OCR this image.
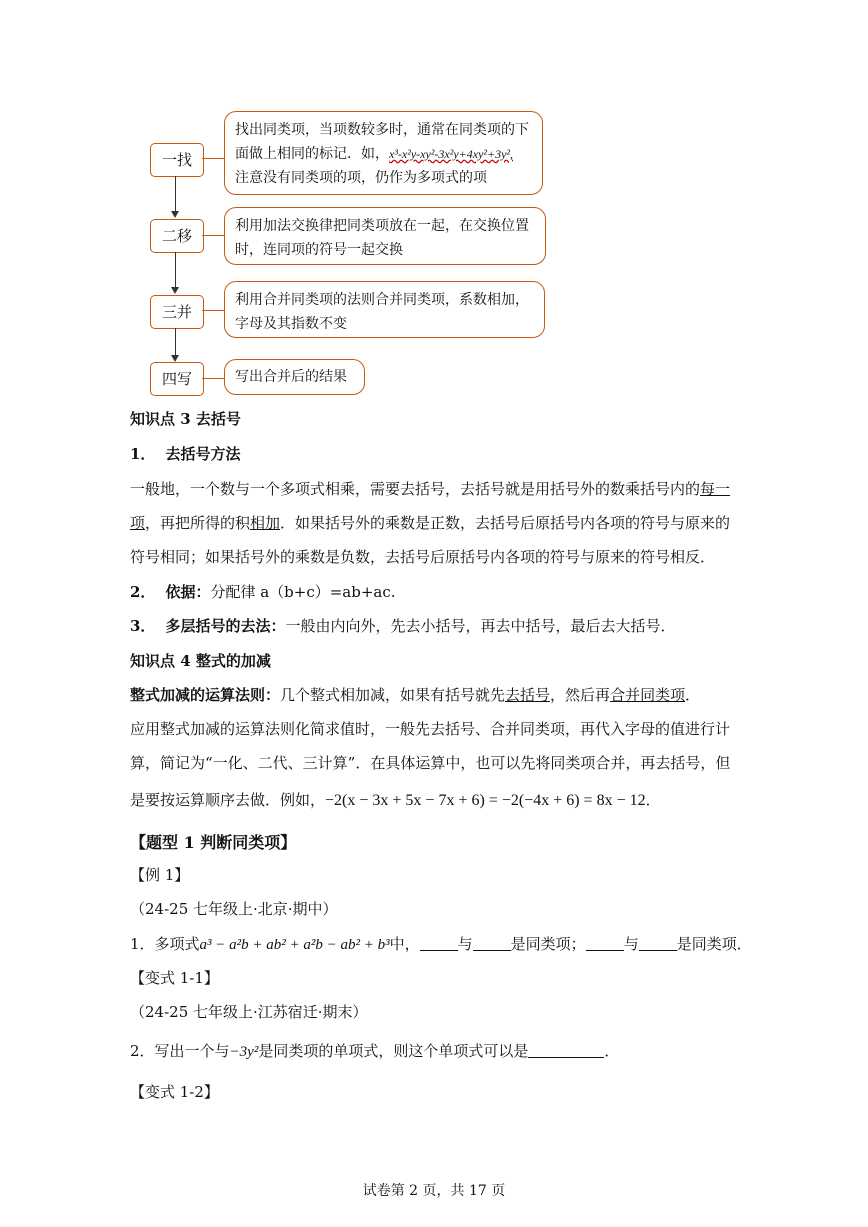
一找
找出同类项，当项数较多时，通常在同类项的下
面做上相同的标记．如，x³-x²y-xy²-3x²y+4xy²+3y²,
注意没有同类项的项，仍作为多项式的项
二移
利用加法交换律把同类项放在一起，在交换位置
时，连同项的符号一起交换
三并
利用合并同类项的法则合并同类项，系数相加，
字母及其指数不变
四写	写出合并后的结果
知识点 3 去括号
1． 去括号方法
一般地，一个数与一个多项式相乘，需要去括号，去括号就是用括号外的数乘括号内的每一
项，再把所得的积相加．如果括号外的乘数是正数，去括号后原括号内各项的符号与原来的
符号相同；如果括号外的乘数是负数，去括号后原括号内各项的符号与原来的符号相反．
2． 依据：分配律 a（b+c）=ab+ac.
3． 多层括号的去法：一般由内向外，先去小括号，再去中括号，最后去大括号．
知识点 4 整式的加减
整式加减的运算法则：几个整式相加减，如果有括号就先去括号，然后再合并同类项．
应用整式加减的运算法则化简求值时，一般先去括号、合并同类项，再代入字母的值进行计
算，简记为“一化、二代、三计算”．在具体运算中，也可以先将同类项合并，再去括号，但
是要按运算顺序去做．例如，−2(x − 3x + 5x − 7x + 6) = −2(−4x + 6) = 8x − 12．
【题型 1 判断同类项】
【例 1】
（24-25 七年级上·北京·期中）
1．多项式a³ − a²b + ab² + a²b − ab² + b³中，	与	是同类项；	与	是同类项．
【变式 1-1】
（24-25 七年级上·江苏宿迁·期末）
2．写出一个与−3y²是同类项的单项式，则这个单项式可以是	．
【变式 1-2】
试卷第 2 页，共 17 页
